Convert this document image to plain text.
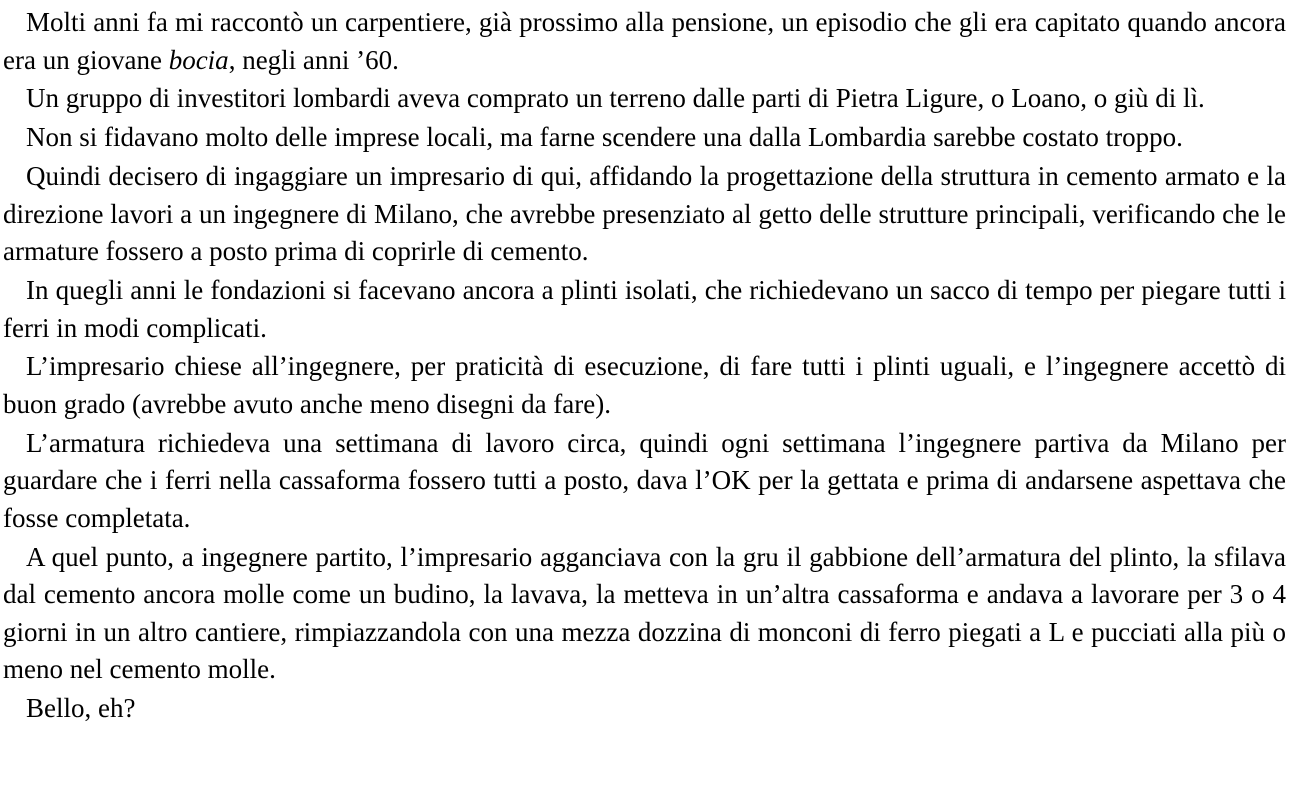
Molti anni fa mi raccontò un carpentiere, già prossimo alla pensione, un episodio che gli era capitato quando ancora era un giovane bocia, negli anni ’60.

Un gruppo di investitori lombardi aveva comprato un terreno dalle parti di Pietra Ligure, o Loano, o giù di lì.

Non si fidavano molto delle imprese locali, ma farne scendere una dalla Lombardia sarebbe costato troppo.

Quindi decisero di ingaggiare un impresario di qui, affidando la progettazione della struttura in cemento armato e la direzione lavori a un ingegnere di Milano, che avrebbe presenziato al getto delle strutture principali, verificando che le armature fossero a posto prima di coprirle di cemento.

In quegli anni le fondazioni si facevano ancora a plinti isolati, che richiedevano un sacco di tempo per piegare tutti i ferri in modi complicati.

L’impresario chiese all’ingegnere, per praticità di esecuzione, di fare tutti i plinti uguali, e l’ingegnere accettò di buon grado (avrebbe avuto anche meno disegni da fare).

L’armatura richiedeva una settimana di lavoro circa, quindi ogni settimana l’ingegnere partiva da Milano per guardare che i ferri nella cassaforma fossero tutti a posto, dava l’OK per la gettata e prima di andarsene aspettava che fosse completata.

A quel punto, a ingegnere partito, l’impresario agganciava con la gru il gabbione dell’armatura del plinto, la sfilava dal cemento ancora molle come un budino, la lavava, la metteva in un’altra cassaforma e andava a lavorare per 3 o 4 giorni in un altro cantiere, rimpiazzandola con una mezza dozzina di monconi di ferro piegati a L e pucciati alla più o meno nel cemento molle.

Bello, eh?
